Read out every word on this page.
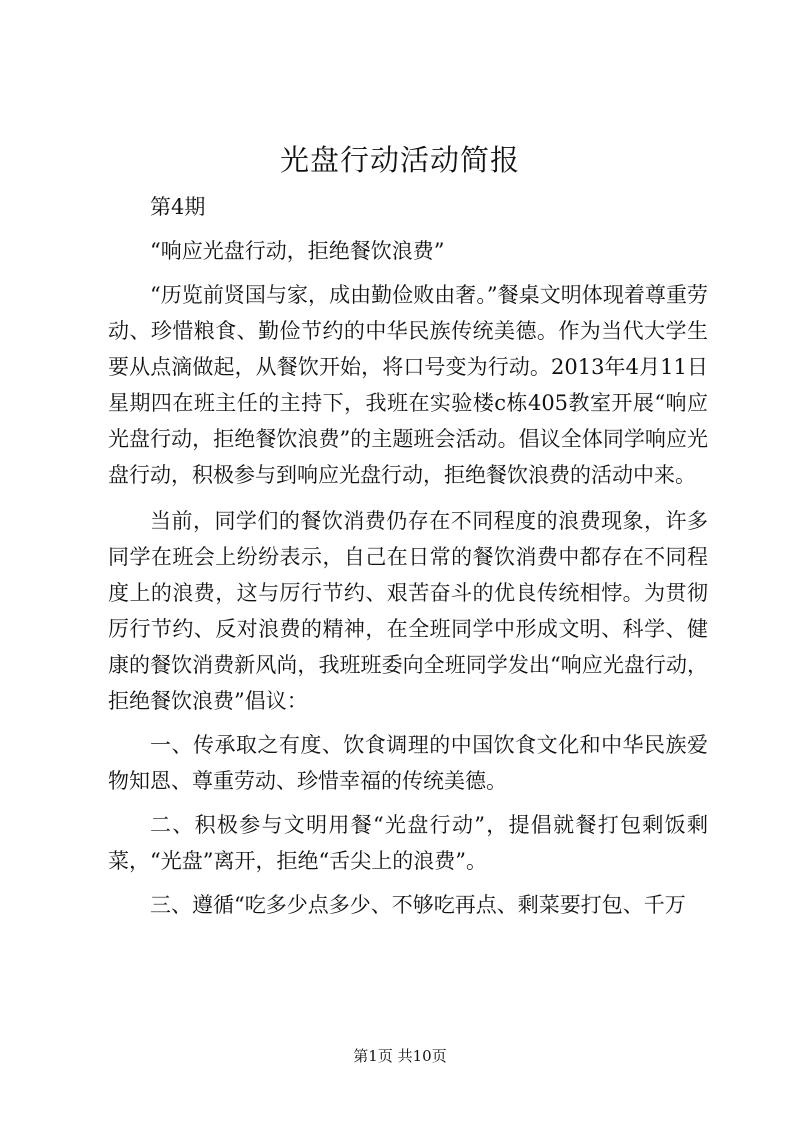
光盘行动活动简报

第4期

“响应光盘行动，拒绝餐饮浪费”

“历览前贤国与家，成由勤俭败由奢。”餐桌文明体现着尊重劳动、珍惜粮食、勤俭节约的中华民族传统美德。作为当代大学生要从点滴做起，从餐饮开始，将口号变为行动。2013年4月11日星期四在班主任的主持下，我班在实验楼c栋405教室开展“响应光盘行动，拒绝餐饮浪费”的主题班会活动。倡议全体同学响应光盘行动，积极参与到响应光盘行动，拒绝餐饮浪费的活动中来。

当前，同学们的餐饮消费仍存在不同程度的浪费现象，许多同学在班会上纷纷表示，自己在日常的餐饮消费中都存在不同程度上的浪费，这与厉行节约、艰苦奋斗的优良传统相悖。为贯彻厉行节约、反对浪费的精神，在全班同学中形成文明、科学、健康的餐饮消费新风尚，我班班委向全班同学发出“响应光盘行动，拒绝餐饮浪费”倡议：

一、传承取之有度、饮食调理的中国饮食文化和中华民族爱物知恩、尊重劳动、珍惜幸福的传统美德。

二、积极参与文明用餐“光盘行动”，提倡就餐打包剩饭剩菜，“光盘”离开，拒绝“舌尖上的浪费”。

三、遵循“吃多少点多少、不够吃再点、剩菜要打包、千万

第1页 共10页
